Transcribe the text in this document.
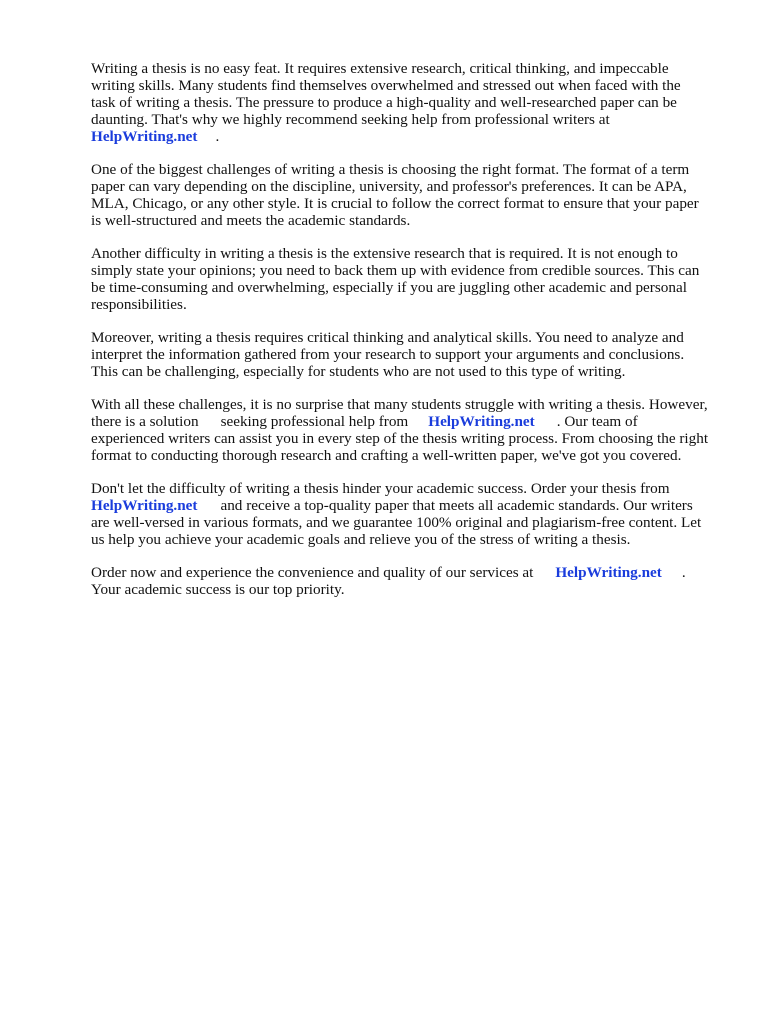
Writing a thesis is no easy feat. It requires extensive research, critical thinking, and impeccable
writing skills. Many students find themselves overwhelmed and stressed out when faced with the
task of writing a thesis. The pressure to produce a high-quality and well-researched paper can be
daunting. That's why we highly recommend seeking help from professional writers at
HelpWriting.net .

One of the biggest challenges of writing a thesis is choosing the right format. The format of a term
paper can vary depending on the discipline, university, and professor's preferences. It can be APA,
MLA, Chicago, or any other style. It is crucial to follow the correct format to ensure that your paper
is well-structured and meets the academic standards.

Another difficulty in writing a thesis is the extensive research that is required. It is not enough to
simply state your opinions; you need to back them up with evidence from credible sources. This can
be time-consuming and overwhelming, especially if you are juggling other academic and personal
responsibilities.

Moreover, writing a thesis requires critical thinking and analytical skills. You need to analyze and
interpret the information gathered from your research to support your arguments and conclusions.
This can be challenging, especially for students who are not used to this type of writing.

With all these challenges, it is no surprise that many students struggle with writing a thesis. However,
there is a solution seeking professional help from HelpWriting.net . Our team of
experienced writers can assist you in every step of the thesis writing process. From choosing the right
format to conducting thorough research and crafting a well-written paper, we've got you covered.

Don't let the difficulty of writing a thesis hinder your academic success. Order your thesis from
HelpWriting.net and receive a top-quality paper that meets all academic standards. Our writers
are well-versed in various formats, and we guarantee 100% original and plagiarism-free content. Let
us help you achieve your academic goals and relieve you of the stress of writing a thesis.

Order now and experience the convenience and quality of our services at HelpWriting.net .
Your academic success is our top priority.
